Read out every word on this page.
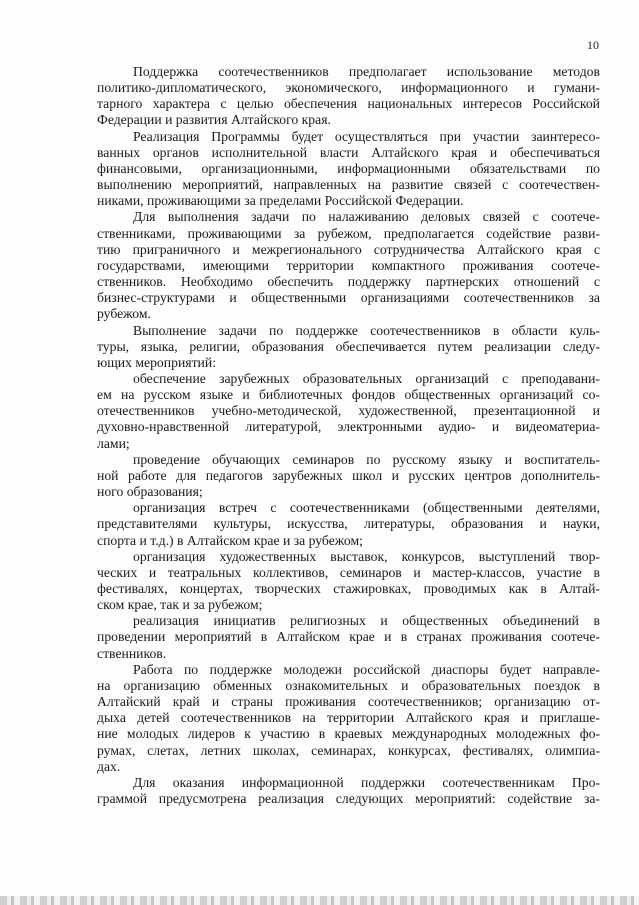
10
Поддержка соотечественников предполагает использование методов
политико-дипломатического, экономического, информационного и гумани-
тарного характера с целью обеспечения национальных интересов Российской
Федерации и развития Алтайского края.
Реализация Программы будет осуществляться при участии заинтересо-
ванных органов исполнительной власти Алтайского края и обеспечиваться
финансовыми, организационными, информационными обязательствами по
выполнению мероприятий, направленных на развитие связей с соотечествен-
никами, проживающими за пределами Российской Федерации.
Для выполнения задачи по налаживанию деловых связей с соотече-
ственниками, проживающими за рубежом, предполагается содействие разви-
тию приграничного и межрегионального сотрудничества Алтайского края с
государствами, имеющими территории компактного проживания соотече-
ственников. Необходимо обеспечить поддержку партнерских отношений с
бизнес-структурами и общественными организациями соотечественников за
рубежом.
Выполнение задачи по поддержке соотечественников в области куль-
туры, языка, религии, образования обеспечивается путем реализации следу-
ющих мероприятий:
обеспечение зарубежных образовательных организаций с преподавани-
ем на русском языке и библиотечных фондов общественных организаций со-
отечественников учебно-методической, художественной, презентационной и
духовно-нравственной литературой, электронными аудио- и видеоматериа-
лами;
проведение обучающих семинаров по русскому языку и воспитатель-
ной работе для педагогов зарубежных школ и русских центров дополнитель-
ного образования;
организация встреч с соотечественниками (общественными деятелями,
представителями культуры, искусства, литературы, образования и науки,
спорта и т.д.) в Алтайском крае и за рубежом;
организация художественных выставок, конкурсов, выступлений твор-
ческих и театральных коллективов, семинаров и мастер-классов, участие в
фестивалях, концертах, творческих стажировках, проводимых как в Алтай-
ском крае, так и за рубежом;
реализация инициатив религиозных и общественных объединений в
проведении мероприятий в Алтайском крае и в странах проживания соотече-
ственников.
Работа по поддержке молодежи российской диаспоры будет направле-
на организацию обменных ознакомительных и образовательных поездок в
Алтайский край и страны проживания соотечественников; организацию от-
дыха детей соотечественников на территории Алтайского края и приглаше-
ние молодых лидеров к участию в краевых международных молодежных фо-
румах, слетах, летних школах, семинарах, конкурсах, фестивалях, олимпиа-
дах.
Для оказания информационной поддержки соотечественникам Про-
граммой предусмотрена реализация следующих мероприятий: содействие за-
